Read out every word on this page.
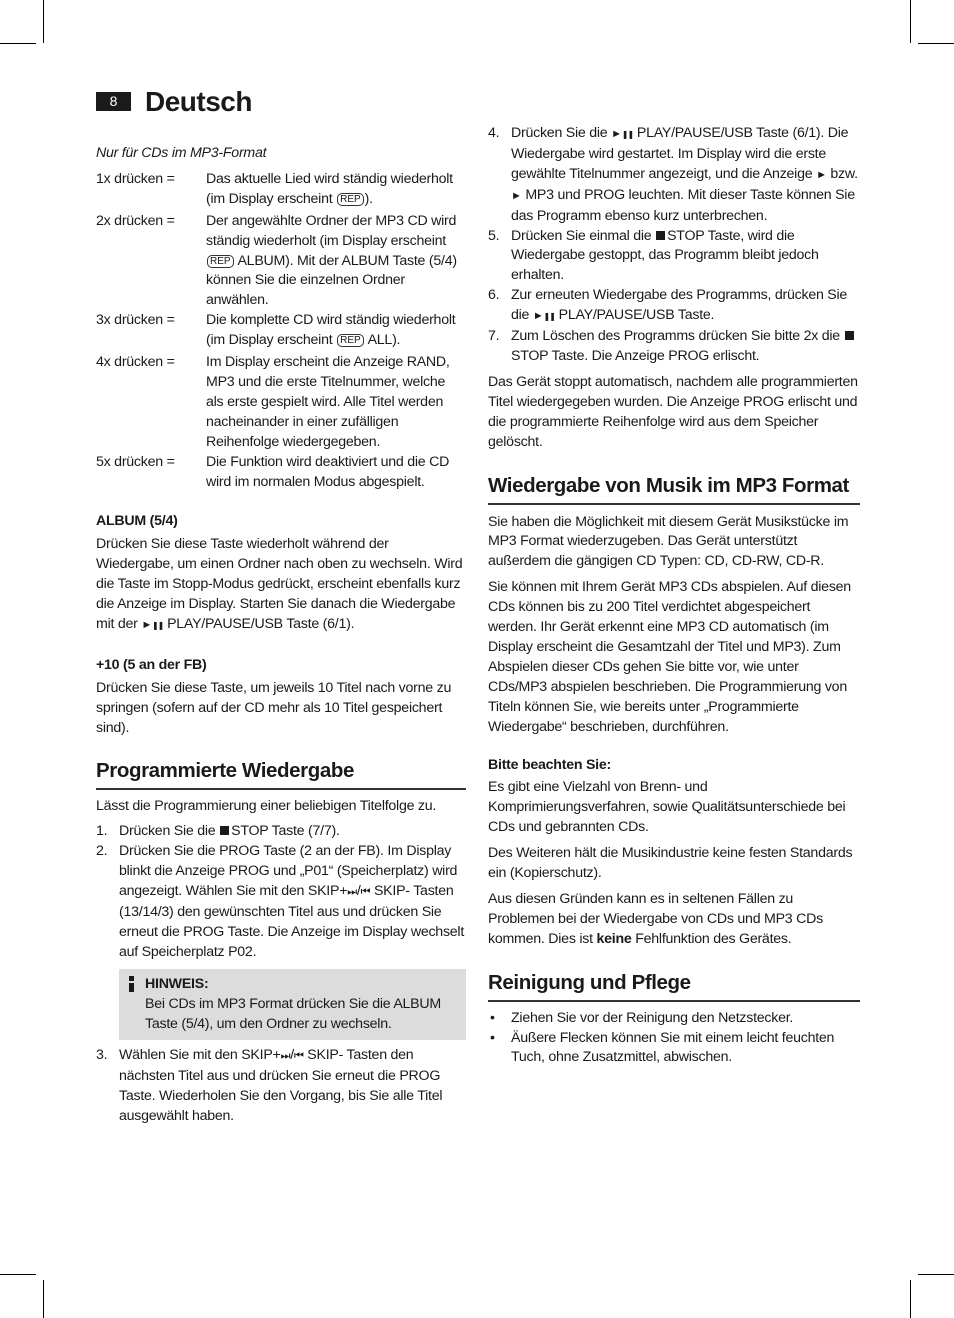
8 Deutsch

Nur für CDs im MP3-Format

1x drücken = Das aktuelle Lied wird ständig wiederholt (im Display erscheint REP ).
2x drücken = Der angewählte Ordner der MP3 CD wird ständig wiederholt (im Display erscheint REP ALBUM). Mit der ALBUM Taste (5/4) können Sie die einzelnen Ordner anwählen.
3x drücken = Die komplette CD wird ständig wiederholt (im Display erscheint REP ALL).
4x drücken = Im Display erscheint die Anzeige RAND, MP3 und die erste Titelnummer, welche als erste gespielt wird. Alle Titel werden nacheinander in einer zufälligen Reihenfolge wiedergegeben.
5x drücken = Die Funktion wird deaktiviert und die CD wird im normalen Modus abgespielt.

ALBUM (5/4)

Drücken Sie diese Taste wiederholt während der Wiedergabe, um einen Ordner nach oben zu wechseln. Wird die Taste im Stopp-Modus gedrückt, erscheint ebenfalls kurz die Anzeige im Display. Starten Sie danach die Wiedergabe mit der ►❚❚ PLAY/PAUSE/USB Taste (6/1).

+10 (5 an der FB)

Drücken Sie diese Taste, um jeweils 10 Titel nach vorne zu springen (sofern auf der CD mehr als 10 Titel gespeichert sind).

Programmierte Wiedergabe

Lässt die Programmierung einer beliebigen Titelfolge zu.

1. Drücken Sie die STOP Taste (7/7).
2. Drücken Sie die PROG Taste (2 an der FB). Im Display blinkt die Anzeige PROG und „P01“ (Speicherplatz) wird angezeigt. Wählen Sie mit den SKIP+⏭/⏮ SKIP- Tasten (13/14/3) den gewünschten Titel aus und drücken Sie erneut die PROG Taste. Die Anzeige im Display wechselt auf Speicherplatz P02.

HINWEIS:

Bei CDs im MP3 Format drücken Sie die ALBUM Taste (5/4), um den Ordner zu wechseln.

3. Wählen Sie mit den SKIP+⏭/⏮ SKIP- Tasten den nächsten Titel aus und drücken Sie erneut die PROG Taste. Wiederholen Sie den Vorgang, bis Sie alle Titel ausgewählt haben.
4. Drücken Sie die ►❚❚ PLAY/PAUSE/USB Taste (6/1). Die Wiedergabe wird gestartet. Im Display wird die erste gewählte Titelnummer angezeigt, und die Anzeige ► bzw. ► MP3 und PROG leuchten. Mit dieser Taste können Sie das Programm ebenso kurz unterbrechen.
5. Drücken Sie einmal die STOP Taste, wird die Wiedergabe gestoppt, das Programm bleibt jedoch erhalten.
6. Zur erneuten Wiedergabe des Programms, drücken Sie die ►❚❚ PLAY/PAUSE/USB Taste.
7. Zum Löschen des Programms drücken Sie bitte 2x die STOP Taste. Die Anzeige PROG erlischt.

Das Gerät stoppt automatisch, nachdem alle programmierten Titel wiedergegeben wurden. Die Anzeige PROG erlischt und die programmierte Reihenfolge wird aus dem Speicher gelöscht.

Wiedergabe von Musik im MP3 Format

Sie haben die Möglichkeit mit diesem Gerät Musikstücke im MP3 Format wiederzugeben. Das Gerät unterstützt außerdem die gängigen CD Typen: CD, CD-RW, CD-R.

Sie können mit Ihrem Gerät MP3 CDs abspielen. Auf diesen CDs können bis zu 200 Titel verdichtet abgespeichert werden. Ihr Gerät erkennt eine MP3 CD automatisch (im Display erscheint die Gesamtzahl der Titel und MP3). Zum Abspielen dieser CDs gehen Sie bitte vor, wie unter CDs/MP3 abspielen beschrieben. Die Programmierung von Titeln können Sie, wie bereits unter „Programmierte Wiedergabe“ beschrieben, durchführen.

Bitte beachten Sie:

Es gibt eine Vielzahl von Brenn- und Komprimierungsverfahren, sowie Qualitätsunterschiede bei CDs und gebrannten CDs.

Des Weiteren hält die Musikindustrie keine festen Standards ein (Kopierschutz).

Aus diesen Gründen kann es in seltenen Fällen zu Problemen bei der Wiedergabe von CDs und MP3 CDs kommen. Dies ist keine Fehlfunktion des Gerätes.

Reinigung und Pflege
• Ziehen Sie vor der Reinigung den Netzstecker.
• Äußere Flecken können Sie mit einem leicht feuchten Tuch, ohne Zusatzmittel, abwischen.
